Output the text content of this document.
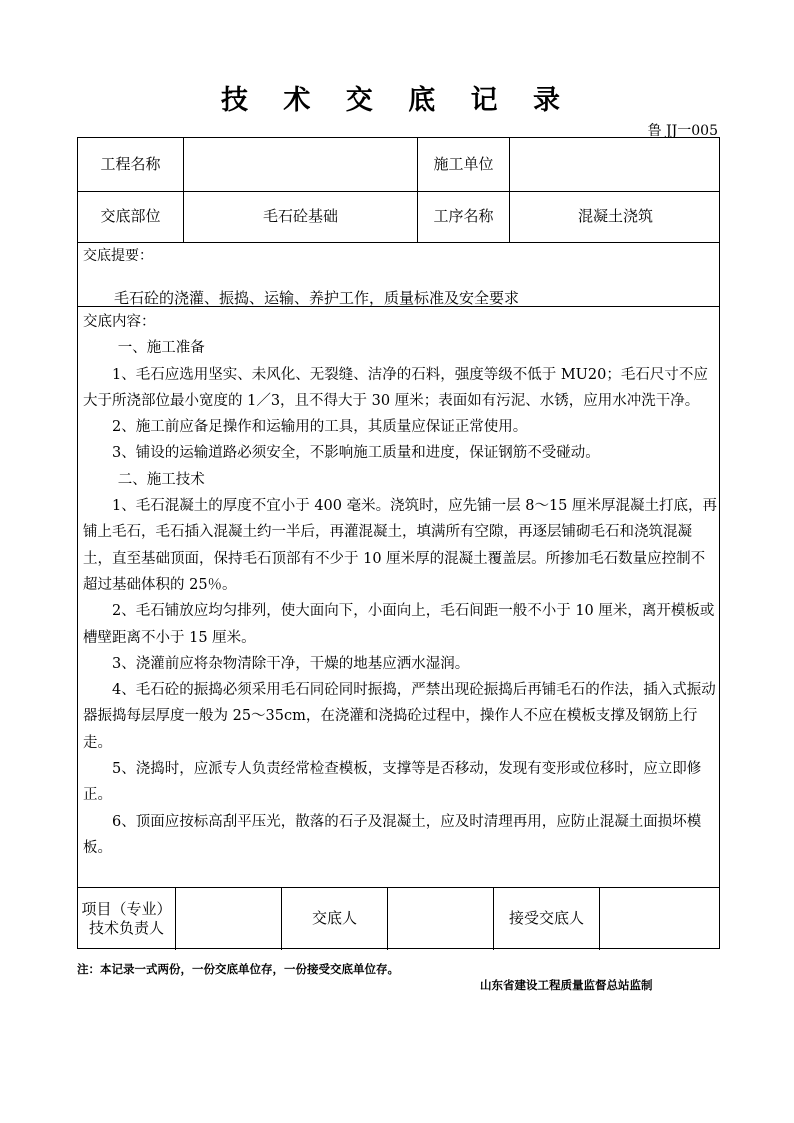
技 术 交 底 记 录
鲁 JJ一005
工程名称	施工单位
交底部位	毛石砼基础	工序名称	混凝土浇筑
交底提要：
毛石砼的浇灌、振捣、运输、养护工作，质量标准及安全要求
交底内容：

一、施工准备

1、毛石应选用坚实、未风化、无裂缝、洁净的石料，强度等级不低于 MU20；毛石尺寸不应大于所浇部位最小宽度的 1／3，且不得大于 30 厘米；表面如有污泥、水锈，应用水冲洗干净。

2、施工前应备足操作和运输用的工具，其质量应保证正常使用。

3、铺设的运输道路必须安全，不影响施工质量和进度，保证钢筋不受碰动。

二、施工技术

1、毛石混凝土的厚度不宜小于 400 毫米。浇筑时，应先铺一层 8～15 厘米厚混凝土打底，再铺上毛石，毛石插入混凝土约一半后，再灌混凝土，填满所有空隙，再逐层铺砌毛石和浇筑混凝土，直至基础顶面，保持毛石顶部有不少于 10 厘米厚的混凝土覆盖层。所掺加毛石数量应控制不超过基础体积的 25％。

2、毛石铺放应均匀排列，使大面向下，小面向上，毛石间距一般不小于 10 厘米，离开模板或槽壁距离不小于 15 厘米。

3、浇灌前应将杂物清除干净，干燥的地基应洒水湿润。

4、毛石砼的振捣必须采用毛石同砼同时振捣，严禁出现砼振捣后再铺毛石的作法，插入式振动器振捣每层厚度一般为 25～35cm，在浇灌和浇捣砼过程中，操作人不应在模板支撑及钢筋上行走。

5、浇捣时，应派专人负责经常检查模板，支撑等是否移动，发现有变形或位移时，应立即修正。

6、顶面应按标高刮平压光，散落的石子及混凝土，应及时清理再用，应防止混凝土面损坏模板。

项目（专业）
技术负责人
交底人	接受交底人
注：本记录一式两份，一份交底单位存，一份接受交底单位存。
山东省建设工程质量监督总站监制
